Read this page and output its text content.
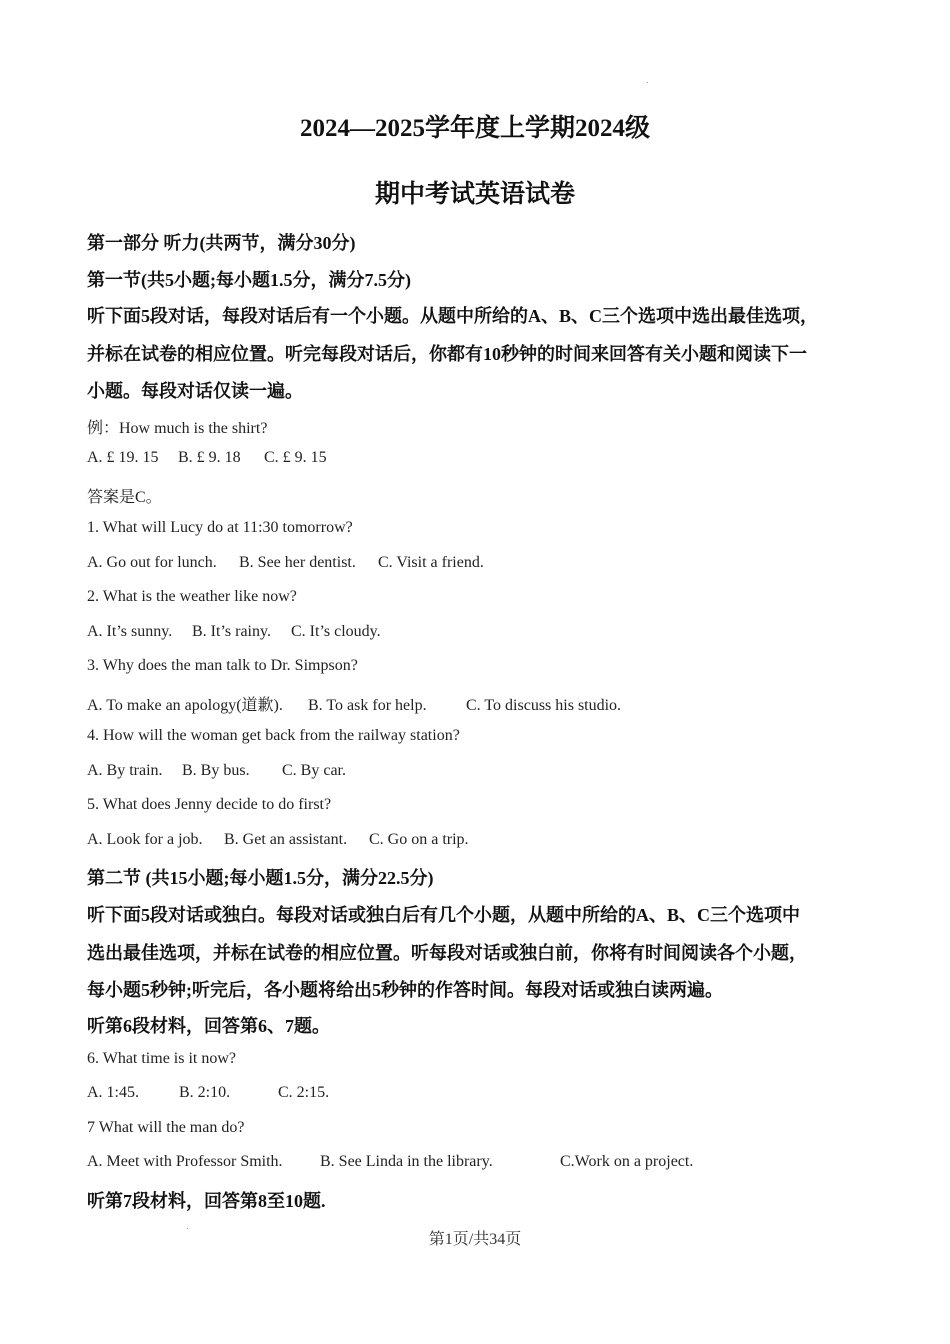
2024—2025学年度上学期2024级
期中考试英语试卷
第一部分 听力(共两节，满分30分)
第一节(共5小题;每小题1.5分，满分7.5分)
听下面5段对话，每段对话后有一个小题。从题中所给的A、B、C三个选项中选出最佳选项，
并标在试卷的相应位置。听完每段对话后，你都有10秒钟的时间来回答有关小题和阅读下一
小题。每段对话仅读一遍。
例：How much is the shirt?
A. £ 19. 15 B. £ 9. 18 C. £ 9. 15
答案是C。
1. What will Lucy do at 11:30 tomorrow?
A. Go out for lunch. B. See her dentist. C. Visit a friend.
2. What is the weather like now?
A. It’s sunny. B. It’s rainy. C. It’s cloudy.
3. Why does the man talk to Dr. Simpson?
A. To make an apology(道歉). B. To ask for help. C. To discuss his studio.
4. How will the woman get back from the railway station?
A. By train. B. By bus. C. By car.
5. What does Jenny decide to do first?
A. Look for a job. B. Get an assistant. C. Go on a trip.
第二节 (共15小题;每小题1.5分，满分22.5分)
听下面5段对话或独白。每段对话或独白后有几个小题，从题中所给的A、B、C三个选项中
选出最佳选项，并标在试卷的相应位置。听每段对话或独白前，你将有时间阅读各个小题，
每小题5秒钟;听完后，各小题将给出5秒钟的作答时间。每段对话或独白读两遍。
听第6段材料，回答第6、7题。
6. What time is it now?
A. 1:45.	B. 2:10.	C. 2:15.
7 What will the man do?
A. Meet with Professor Smith. B. See Linda in the library.	C.Work on a project.
听第7段材料，回答第8至10题.
第1页/共34页
